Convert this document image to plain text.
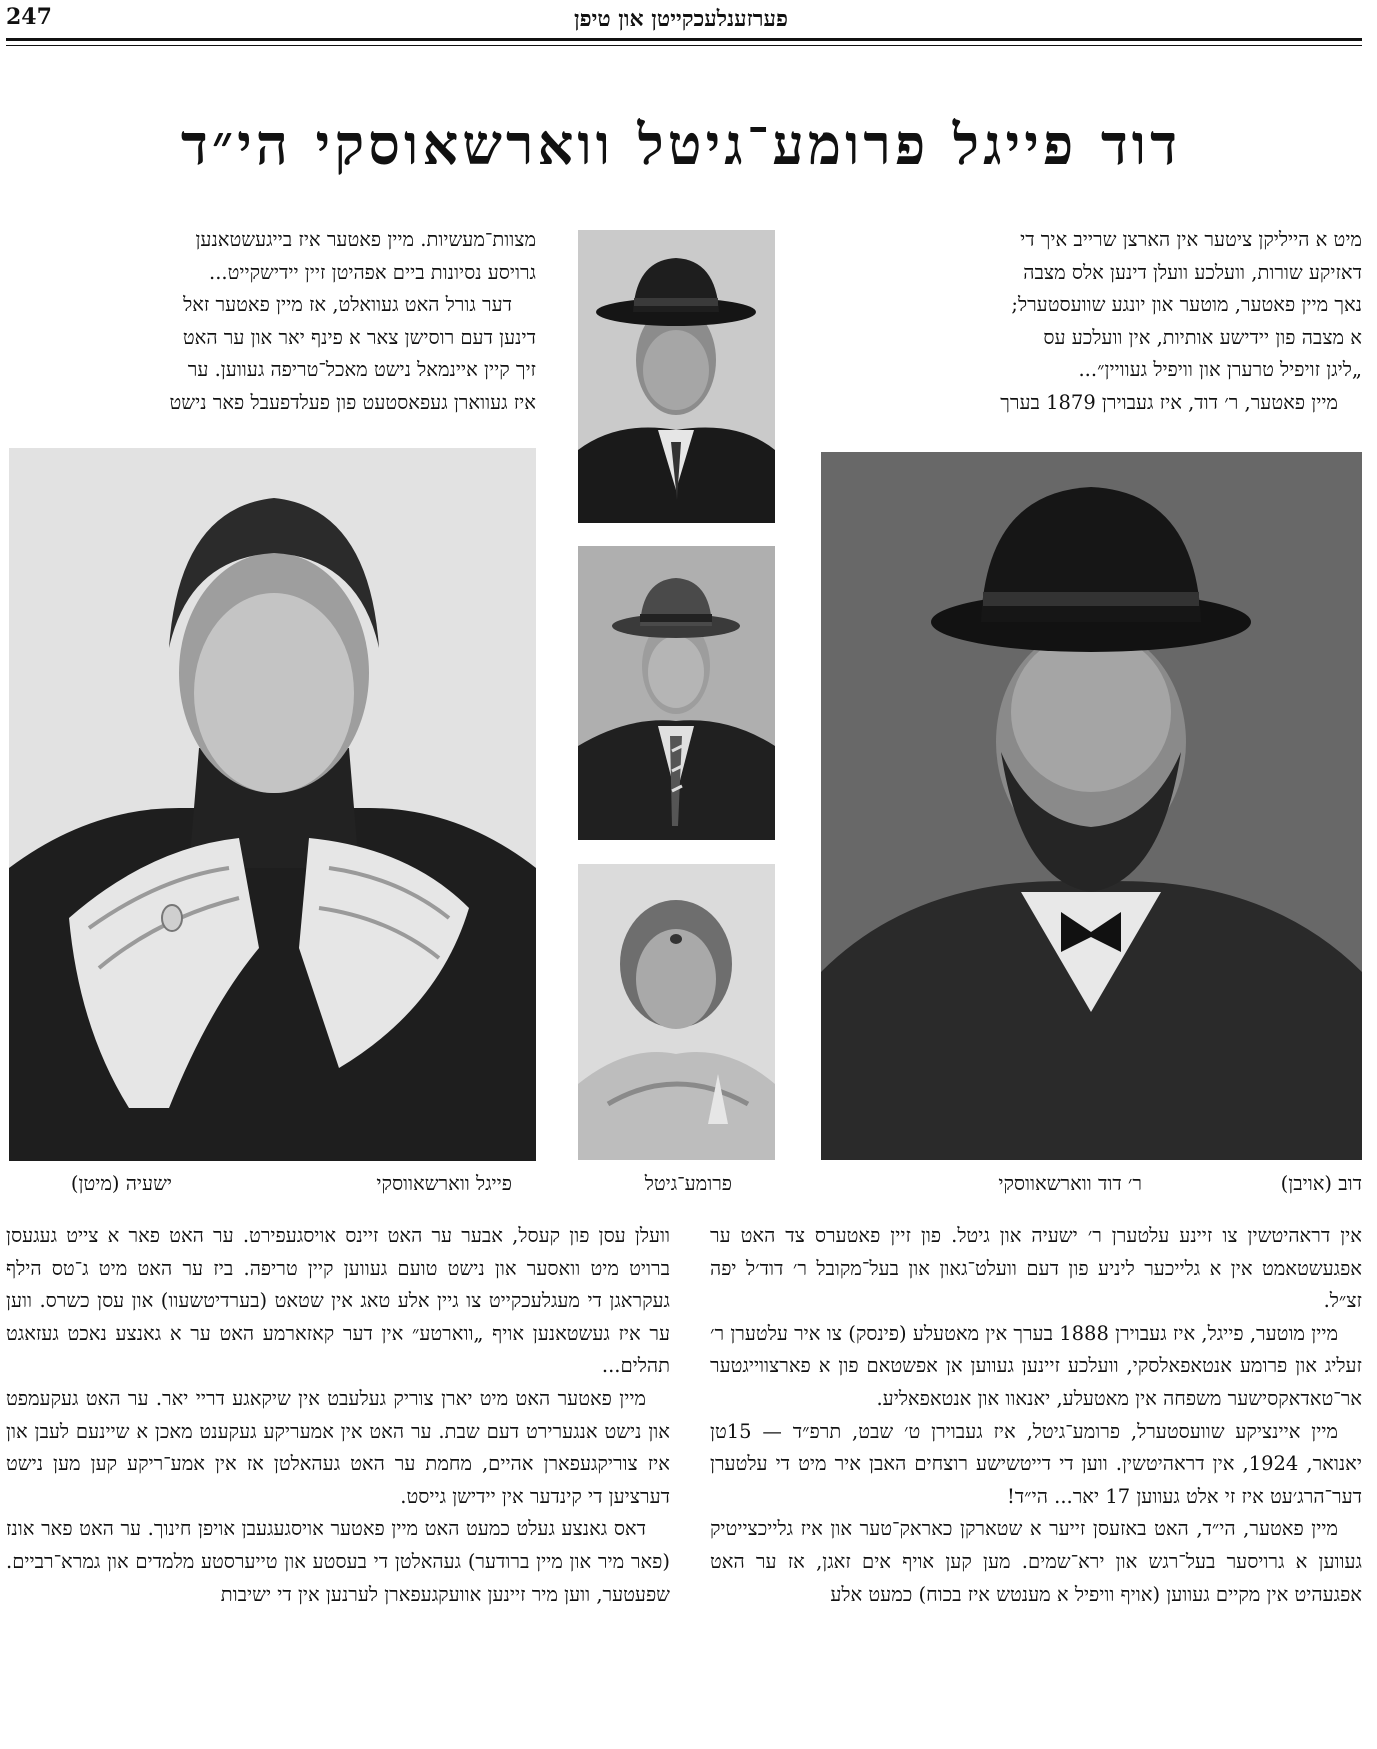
247	פערזענלעכקייטן און טיפן
דוד פייגל פרומע־גיטל ווארשאוסקי הי״ד

מיט א הייליקן ציטער אין הארצן שרייב איך די

דאזיקע שורות, וועלכע וועלן דינען אלס מצבה

נאך מיין פאטער, מוטער און יונגע שוועסטערל;

א מצבה פון יידישע אותיות, אין וועלכע עס

„ליגן זויפיל טרערן און וויפיל געוויין״...

מיין פאטער, ר׳ דוד, איז געבוירן 1879 בערך

מצוות־מעשיות. מיין פאטער איז בייגעשטאנען

גרויסע נסיונות ביים אפהיטן זיין יידישקייט...

דער גורל האט געוואלט, אז מיין פאטער זאל

דינען דעם רוסישן צאר א פינף יאר און ער האט

זיך קיין איינמאל נישט מאכל־טריפה געווען. ער

איז געווארן געפאסטעט פון פעלדפעבל פאר נישט

דוב (אויבן)
ר׳ דוד ווארשאווסקי
פרומע־גיטל
פייגל ווארשאווסקי
ישעיה (מיטן)

אין דראהיטשין צו זיינע עלטערן ר׳ ישעיה און גיטל. פון זיין פאטערס צד האט ער אפגעשטאמט אין א גלייכער ליניע פון דעם וועלט־גאון און בעל־מקובל ר׳ דוד׳ל יפה זצ״ל.

מיין מוטער, פייגל, איז געבוירן 1888 בערך אין מאטעלע (פינסק) צו איר עלטערן ר׳ זעליג און פרומע אנטאפאלסקי, וועלכע זיינען געווען אן אפשטאם פון א פארצווייגטער אר־טאדאקסישער משפחה אין מאטעלע, יאנאוו און אנטאפאליע.

מיין איינציקע שוועסטערל, פרומע־גיטל, איז געבוירן ט׳ שבט, תרפ״ד — 15טן יאנואר, 1924, אין דראהיטשין. ווען די דייטשישע רוצחים האבן איר מיט די עלטערן דער־הרג׳עט איז זי אלט געווען 17 יאר... הי״ד!

מיין פאטער, הי״ד, האט באזעסן זייער א שטארקן כאראק־טער און איז גלייכצייטיק געווען א גרויסער בעל־רגש און ירא־שמים. מען קען אויף אים זאגן, אז ער האט אפגעהיט אין מקיים געווען (אויף וויפיל א מענטש איז בכוח) כמעט אלע

וועלן עסן פון קעסל, אבער ער האט זיינס אויסגעפירט. ער האט פאר א צייט געגעסן ברויט מיט וואסער און נישט טועם געווען קיין טריפה. ביז ער האט מיט ג־טס הילף געקראגן די מעגלעכקייט צו גיין אלע טאג אין שטאט (בערדיטשעוו) און עסן כשרס. ווען ער איז געשטאנען אויף „ווארטע״ אין דער קאזארמע האט ער א גאנצע נאכט געזאגט תהלים...

מיין פאטער האט מיט יארן צוריק געלעבט אין שיקאגע דריי יאר. ער האט געקעמפט און נישט אנגערירט דעם שבת. ער האט אין אמעריקע געקענט מאכן א שיינעם לעבן און איז צוריקגעפארן אהיים, מחמת ער האט געהאלטן אז אין אמע־ריקע קען מען נישט דערציען די קינדער אין יידישן גייסט.

דאס גאנצע געלט כמעט האט מיין פאטער אויסגעגעבן אויפן חינוך. ער האט פאר אונז (פאר מיר און מיין ברודער) געהאלטן די בעסטע און טייערסטע מלמדים און גמרא־רביים. שפעטער, ווען מיר זיינען אוועקגעפארן לערנען אין די ישיבות
